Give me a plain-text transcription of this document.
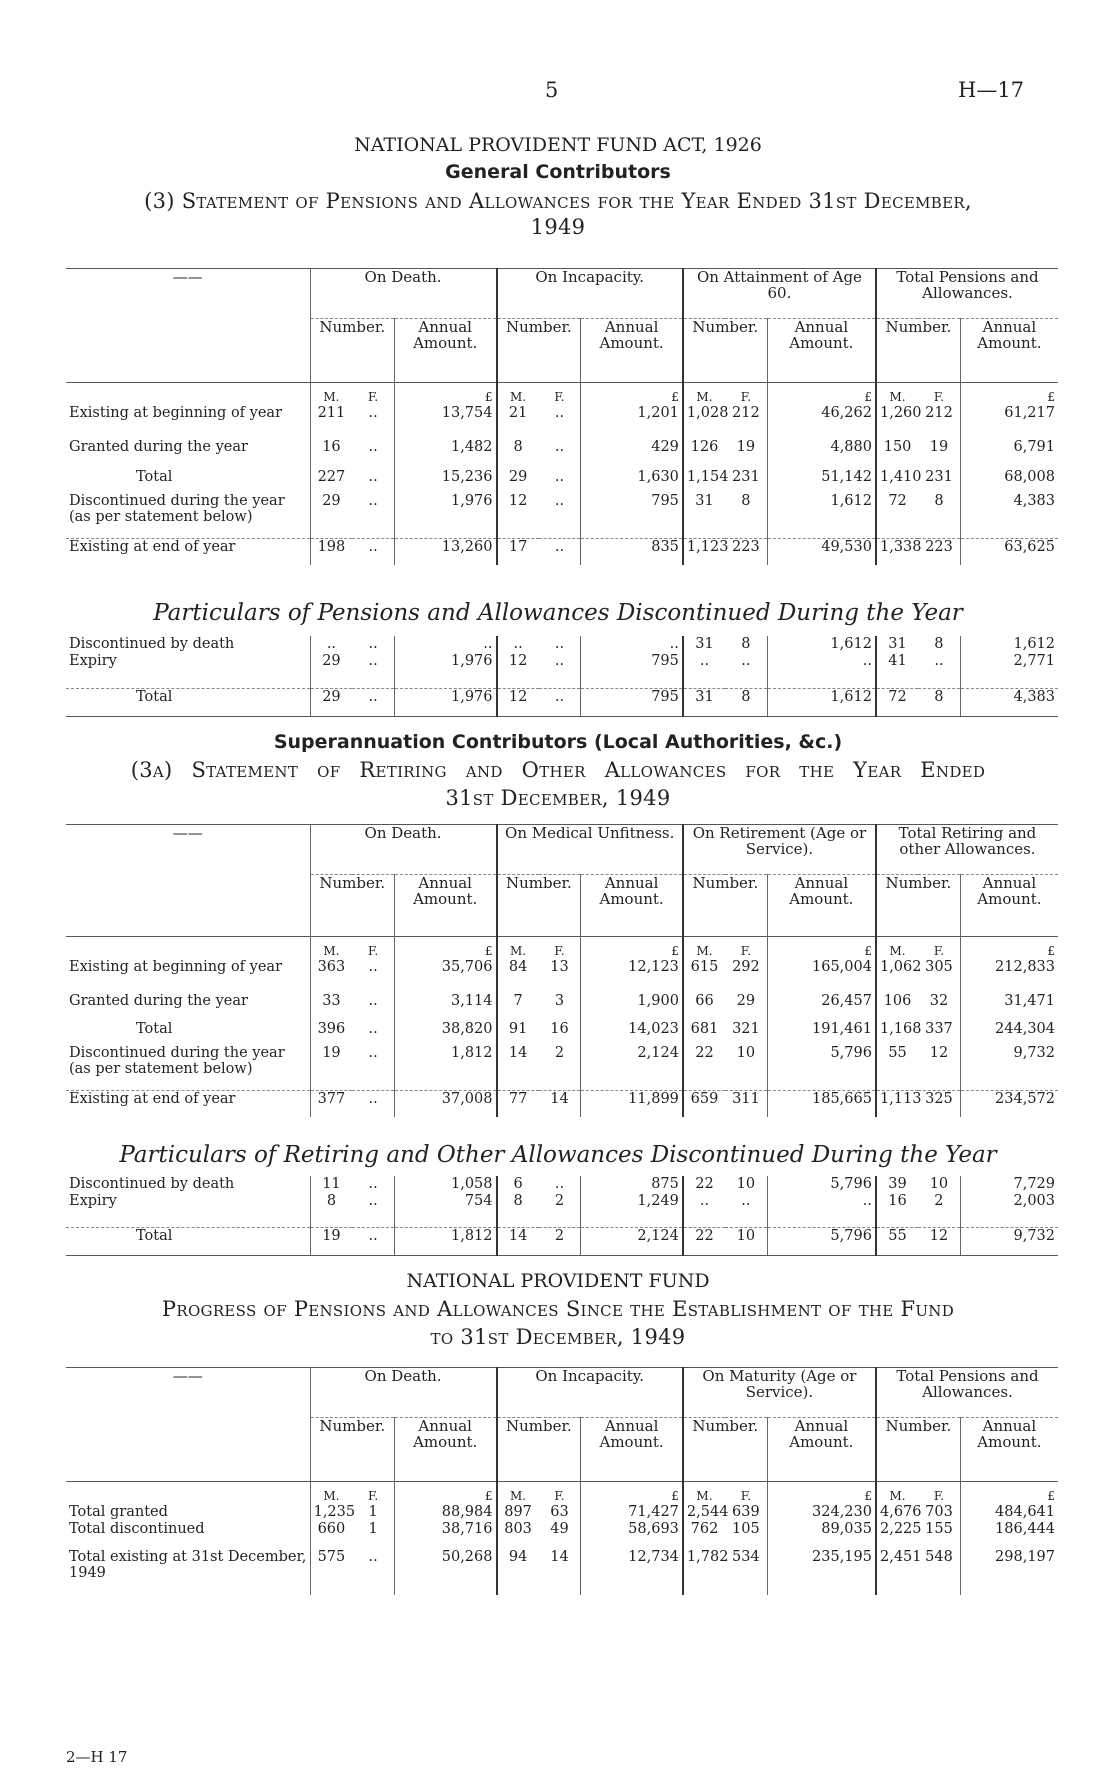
5	H—17
NATIONAL PROVIDENT FUND ACT, 1926
General Contributors
(3) Statement of Pensions and Allowances for the Year Ended 31st December,
1949
——	On Death.			On Incapacity.			On Attainment of Age 60.			Total Pensions and Allowances.		
	Number.		Annual Amount.	Number.		Annual Amount.	Number.		Annual Amount.	Number.		Annual Amount.
	M.	F.	£	M.	F.	£	M.	F.	£	M.	F.	£
Existing at beginning of year	211	..	13,754	21	..	1,201	1,028	212	46,262	1,260	212	61,217
Granted during the year	16	..	1,482	8	..	429	126	19	4,880	150	19	6,791
Total	227	..	15,236	29	..	1,630	1,154	231	51,142	1,410	231	68,008
Discontinued during the year (as per statement below)	29	..	1,976	12	..	795	31	8	1,612	72	8	4,383
Existing at end of year	198	..	13,260	17	..	835	1,123	223	49,530	1,338	223	63,625
Particulars of Pensions and Allowances Discontinued During the Year
Discontinued by death	..	..	..	..	..	..	31	8	1,612	31	8	1,612
Expiry	29	..	1,976	12	..	795	..	..	..	41	..	2,771
Total	29	..	1,976	12	..	795	31	8	1,612	72	8	4,383
Superannuation Contributors (Local Authorities, &c.)
(3a) Statement of Retiring and Other Allowances for the Year Ended
31st December, 1949
——	On Death.			On Medical Unfitness.			On Retirement (Age or Service).			Total Retiring and other Allowances.		
	Number.		Annual Amount.	Number.		Annual Amount.	Number.		Annual Amount.	Number.		Annual Amount.
	M.	F.	£	M.	F.	£	M.	F.	£	M.	F.	£
Existing at beginning of year	363	..	35,706	84	13	12,123	615	292	165,004	1,062	305	212,833
Granted during the year	33	..	3,114	7	3	1,900	66	29	26,457	106	32	31,471
Total	396	..	38,820	91	16	14,023	681	321	191,461	1,168	337	244,304
Discontinued during the year (as per statement below)	19	..	1,812	14	2	2,124	22	10	5,796	55	12	9,732
Existing at end of year	377	..	37,008	77	14	11,899	659	311	185,665	1,113	325	234,572
Particulars of Retiring and Other Allowances Discontinued During the Year
Discontinued by death	11	..	1,058	6	..	875	22	10	5,796	39	10	7,729
Expiry	8	..	754	8	2	1,249	..	..	..	16	2	2,003
Total	19	..	1,812	14	2	2,124	22	10	5,796	55	12	9,732
NATIONAL PROVIDENT FUND
Progress of Pensions and Allowances Since the Establishment of the Fund
to 31st December, 1949
——	On Death.			On Incapacity.			On Maturity (Age or Service).			Total Pensions and Allowances.		
	Number.		Annual Amount.	Number.		Annual Amount.	Number.		Annual Amount.	Number.		Annual Amount.
	M.	F.	£	M.	F.	£	M.	F.	£	M.	F.	£
Total granted	1,235	1	88,984	897	63	71,427	2,544	639	324,230	4,676	703	484,641
Total discontinued	660	1	38,716	803	49	58,693	762	105	89,035	2,225	155	186,444
Total existing at 31st December, 1949	575	..	50,268	94	14	12,734	1,782	534	235,195	2,451	548	298,197
2—H 17
